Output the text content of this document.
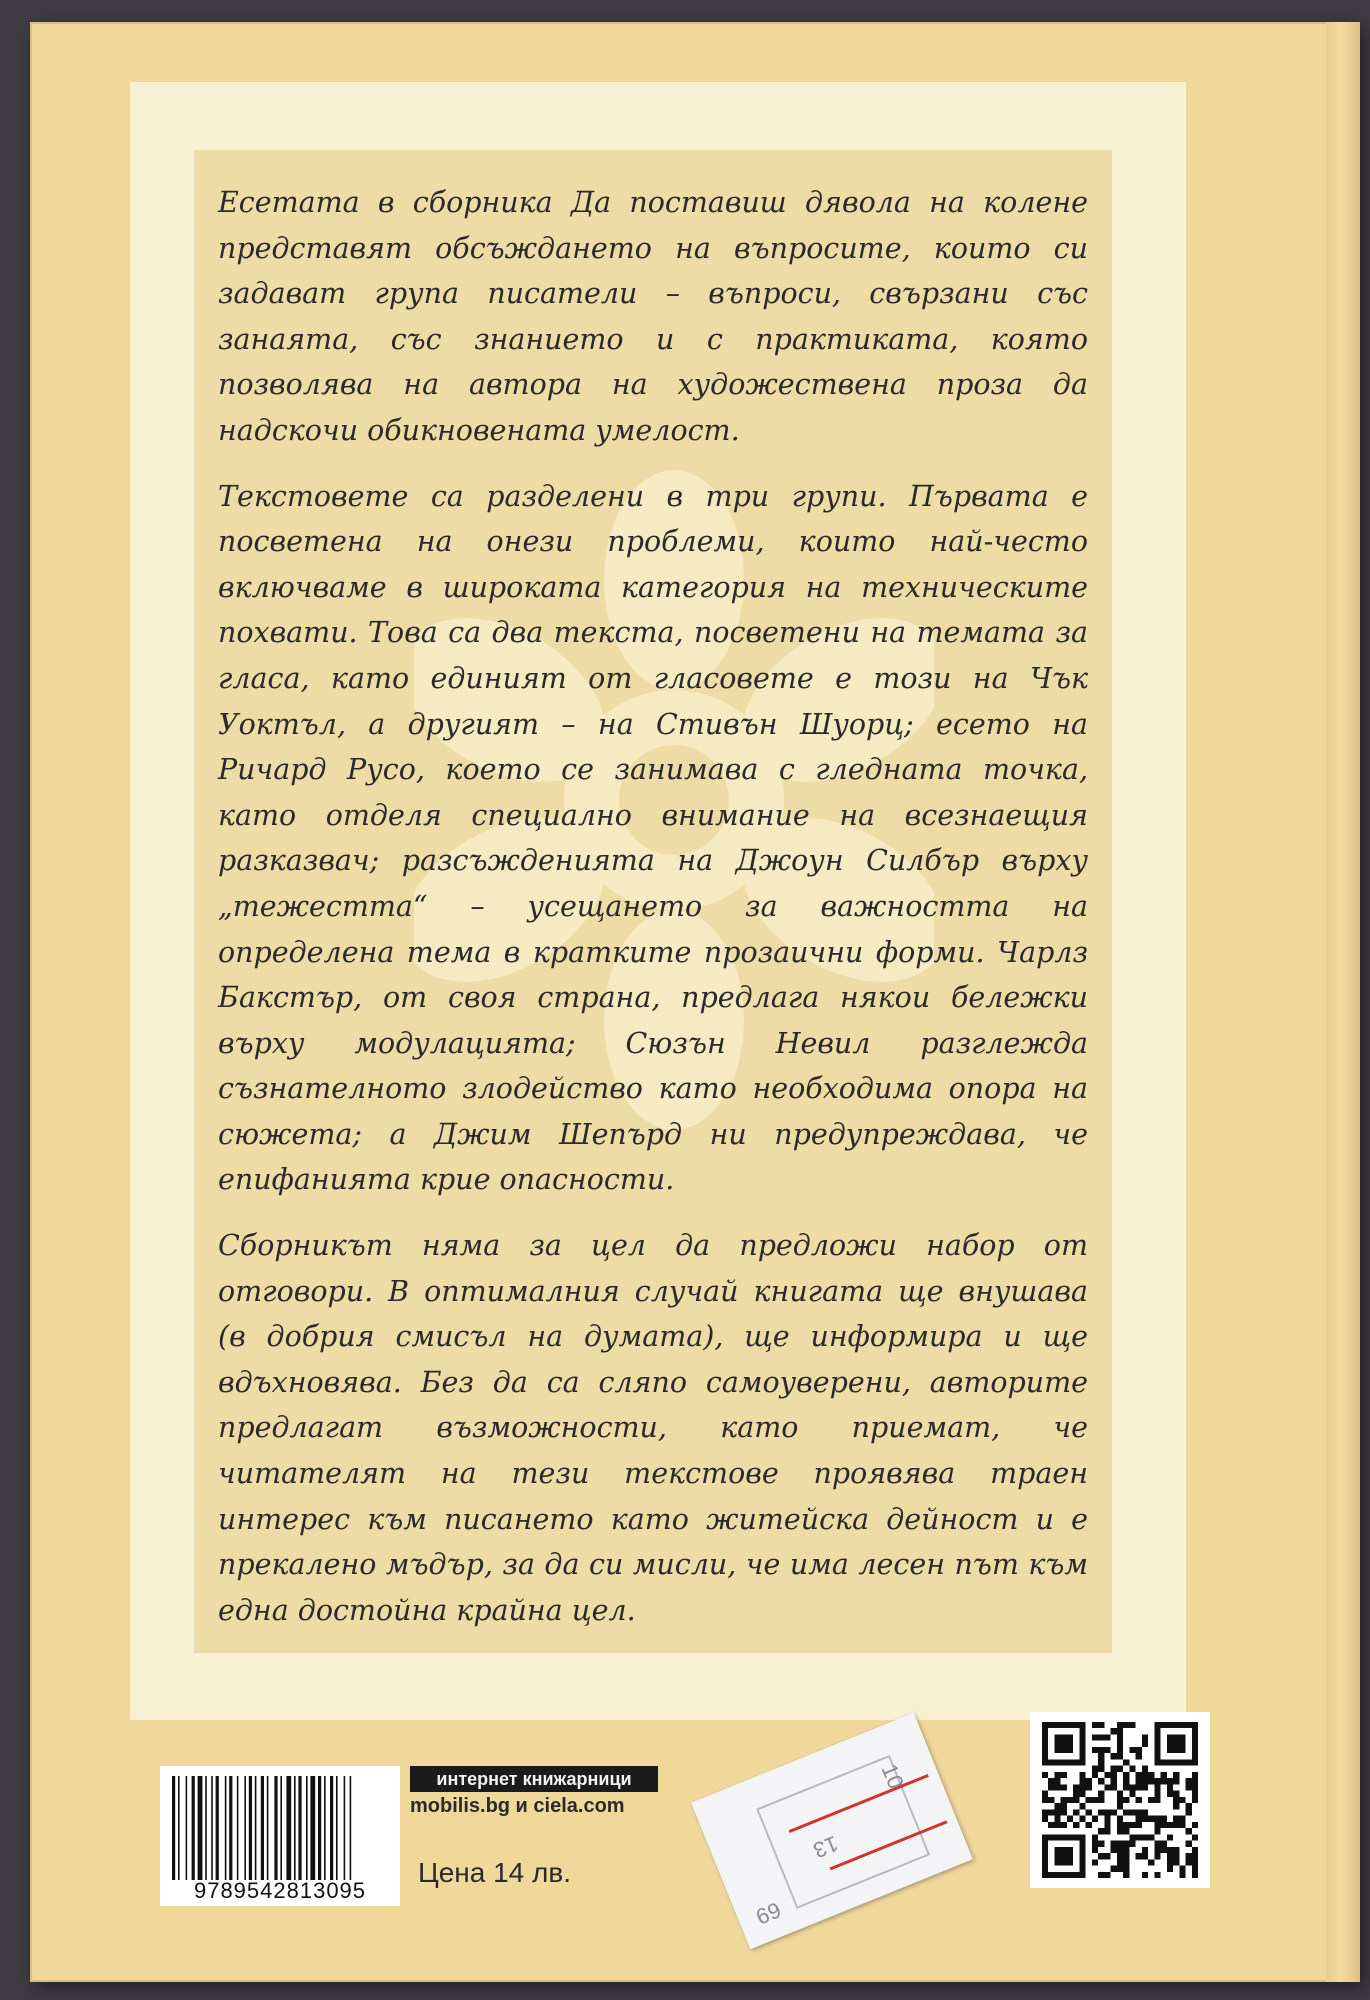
Есетата в сборника Да поставиш дявола на колене представят обсъждането на въпросите, които си задават група писатели – въпроси, свързани със занаята, със знанието и с практиката, която позволява на автора на художествена проза да надскочи обикновената умелост.

Текстовете са разделени в три групи. Първата е посветена на онези проблеми, които най-често включваме в широката категория на техническите похвати. Това са два текста, посветени на темата за гласа, като единият от гласовете е този на Чък Уоктъл, а другият – на Стивън Шуорц; есето на Ричард Русо, което се занимава с гледната точка, като отделя специално внимание на всезнаещия разказвач; разсъжденията на Джоун Силбър върху „тежестта“ – усещането за важността на определена тема в кратките прозаични форми. Чарлз Бакстър, от своя страна, предлага някои бележки върху модулацията; Сюзън Невил разглежда съзнателното злодейство като необходима опора на сюжета; а Джим Шепърд ни предупреждава, че епифанията крие опасности.

Сборникът няма за цел да предложи набор от отговори. В оптималния случай книгата ще внушава (в добрия смисъл на думата), ще информира и ще вдъхновява. Без да са сляпо самоуверени, авторите предлагат възможности, като приемат, че читателят на тези текстове проявява траен интерес към писането като житейска дейност и е прекалено мъдър, за да си мисли, че има лесен път към една достойна крайна цел.

9789542813095
интернет книжарници
mobilis.bg и ciela.com
Цена 14 лв.
10
13
69
